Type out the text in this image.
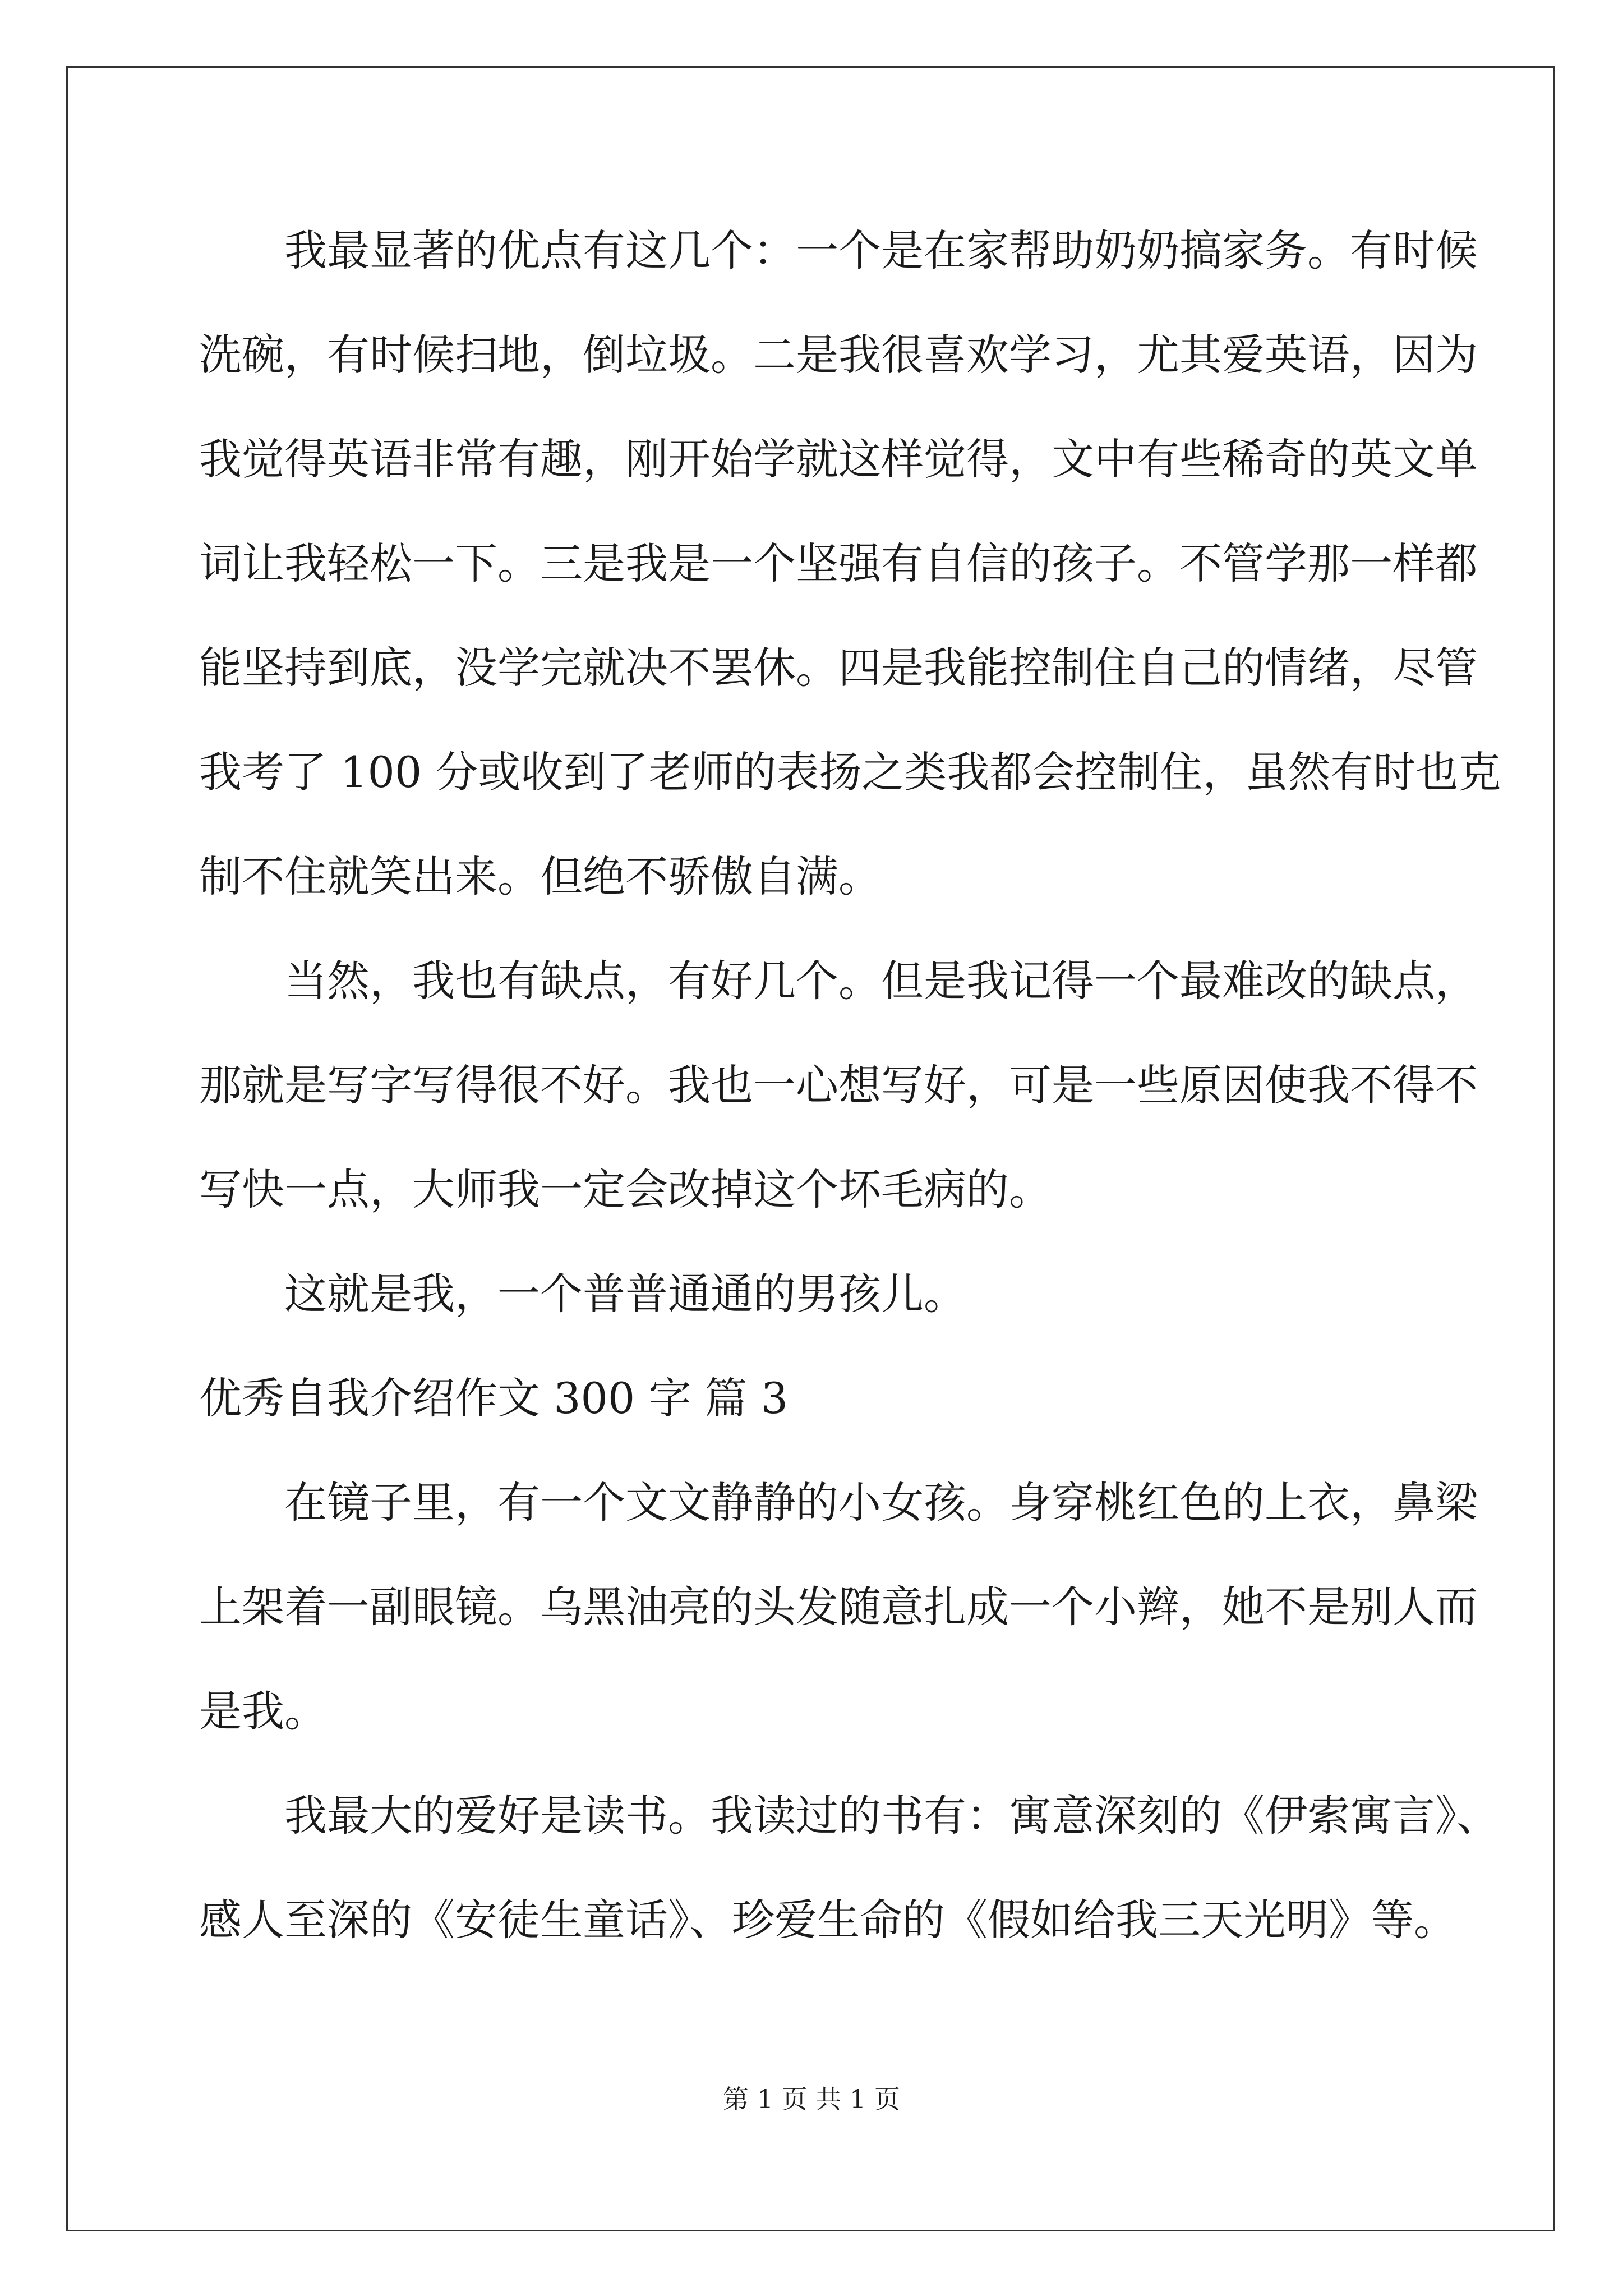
我最显著的优点有这几个：一个是在家帮助奶奶搞家务。有时候
洗碗，有时候扫地，倒垃圾。二是我很喜欢学习，尤其爱英语，因为
我觉得英语非常有趣，刚开始学就这样觉得，文中有些稀奇的英文单
词让我轻松一下。三是我是一个坚强有自信的孩子。不管学那一样都
能坚持到底，没学完就决不罢休。四是我能控制住自己的情绪，尽管
我考了 100 分或收到了老师的表扬之类我都会控制住，虽然有时也克
制不住就笑出来。但绝不骄傲自满。
当然，我也有缺点，有好几个。但是我记得一个最难改的缺点，
那就是写字写得很不好。我也一心想写好，可是一些原因使我不得不
写快一点，大师我一定会改掉这个坏毛病的。
这就是我，一个普普通通的男孩儿。
优秀自我介绍作文 300 字 篇 3
在镜子里，有一个文文静静的小女孩。身穿桃红色的上衣，鼻梁
上架着一副眼镜。乌黑油亮的头发随意扎成一个小辫，她不是别人而
是我。
我最大的爱好是读书。我读过的书有：寓意深刻的《伊索寓言》、
感人至深的《安徒生童话》、珍爱生命的《假如给我三天光明》等。
第 1 页 共 1 页
